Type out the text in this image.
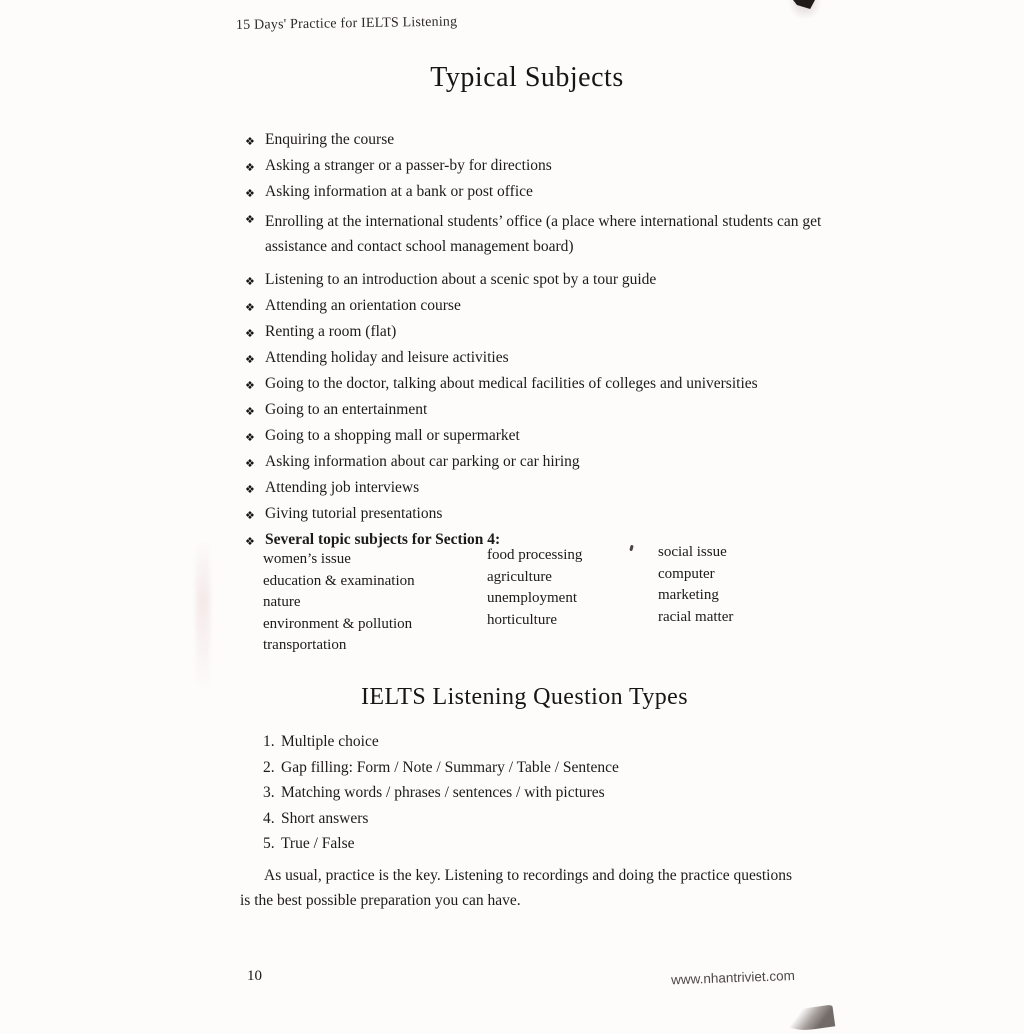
15 Days' Practice for IELTS Listening
Typical Subjects
❖ Enquiring the course
❖ Asking a stranger or a passer-by for directions
❖ Asking information at a bank or post office
❖ Enrolling at the international students’ office (a place where international students can get assistance and contact school management board)
❖ Listening to an introduction about a scenic spot by a tour guide
❖ Attending an orientation course
❖ Renting a room (flat)
❖ Attending holiday and leisure activities
❖ Going to the doctor, talking about medical facilities of colleges and universities
❖ Going to an entertainment
❖ Going to a shopping mall or supermarket
❖ Asking information about car parking or car hiring
❖ Attending job interviews
❖ Giving tutorial presentations
❖ Several topic subjects for Section 4:
women’s issue
education & examination
nature
environment & pollution
transportation
food processing
agriculture
unemployment
horticulture
social issue
computer
marketing
racial matter
IELTS Listening Question Types
1. Multiple choice
2. Gap filling: Form / Note / Summary / Table / Sentence
3. Matching words / phrases / sentences / with pictures
4. Short answers
5. True / False

As usual, practice is the key. Listening to recordings and doing the practice questions is the best possible preparation you can have.

10	www.nhantriviet.com
